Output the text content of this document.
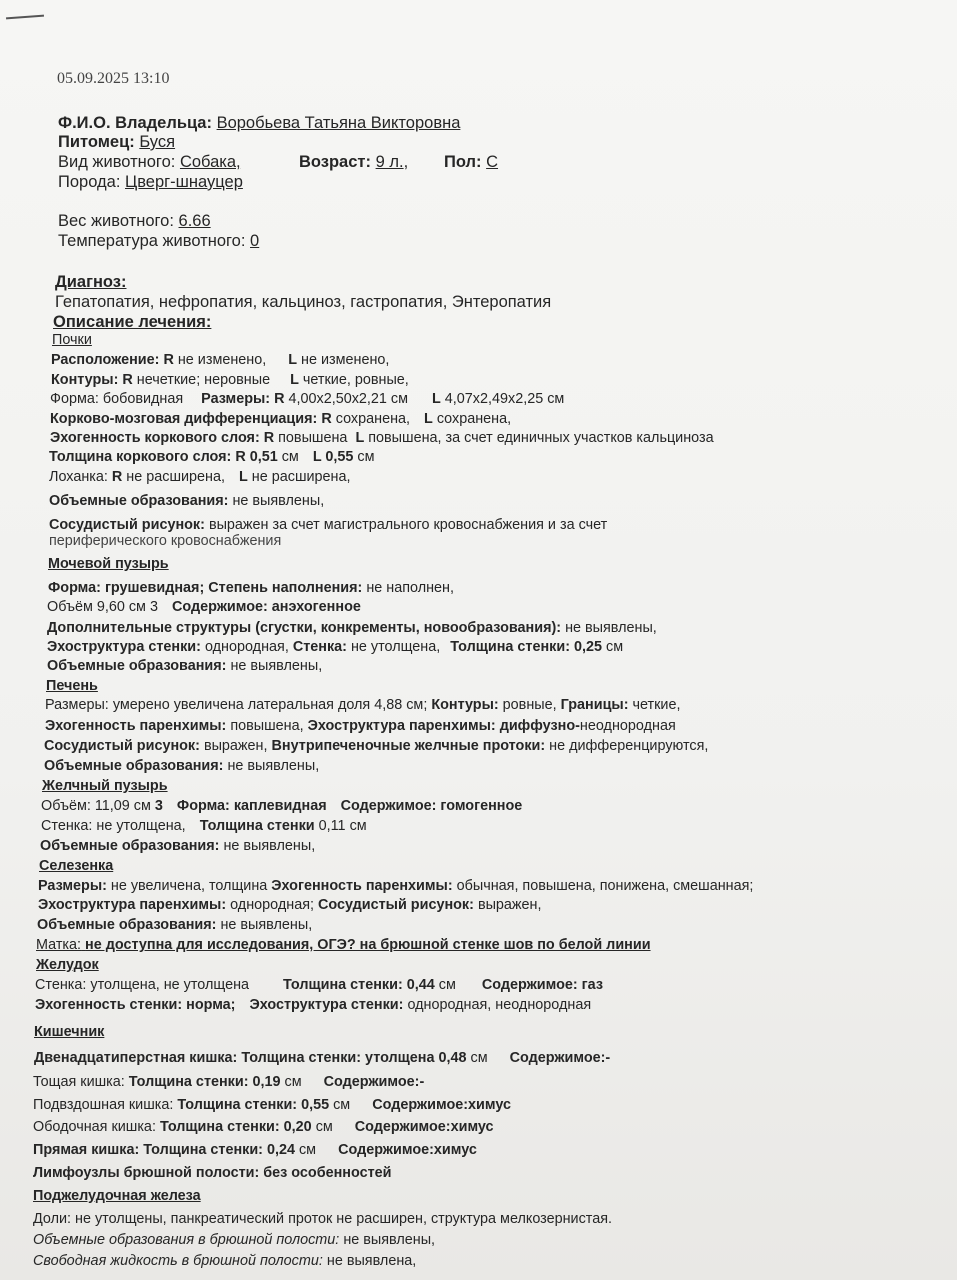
05.09.2025 13:10
Ф.И.О. Владельца: Воробьева Татьяна Викторовна
Питомец: Буся
Вид животного: Собака,	Возраст: 9 л., Пол: С
Порода: Цверг-шнауцер
Вес животного: 6.66
Температура животного: 0
Диагноз:
Гепатопатия, нефропатия, кальциноз, гастропатия, Энтеропатия
Описание лечения:
Почки
Расположение: R не изменено, L не изменено,
Контуры: R нечеткие; неровные L четкие, ровные,
Форма: бобовидная Размеры: R 4,00х2,50х2,21 см L 4,07х2,49х2,25 см
Корково-мозговая дифференциация: R сохранена, L сохранена,
Эхогенность коркового слоя: R повышена L повышена, за счет единичных участков кальциноза
Толщина коркового слоя: R 0,51 см L 0,55 см
Лоханка: R не расширена, L не расширена,
Объемные образования: не выявлены,
Сосудистый рисунок: выражен за счет магистрального кровоснабжения и за счет
периферического кровоснабжения
Мочевой пузырь
Форма: грушевидная; Степень наполнения: не наполнен,
Объём 9,60 см 3 Содержимое: анэхогенное
Дополнительные структуры (сгустки, конкременты, новообразования): не выявлены,
Эхоструктура стенки: однородная, Стенка: не утолщена, Толщина стенки: 0,25 см
Объемные образования: не выявлены,
Печень
Размеры: умерено увеличена латеральная доля 4,88 см; Контуры: ровные, Границы: четкие,
Эхогенность паренхимы: повышена, Эхоструктура паренхимы: диффузно-неоднородная
Сосудистый рисунок: выражен, Внутрипеченочные желчные протоки: не дифференцируются,
Объемные образования: не выявлены,
Желчный пузырь
Объём: 11,09 см 3 Форма: каплевидная Содержимое: гомогенное
Стенка: не утолщена, Толщина стенки 0,11 см
Объемные образования: не выявлены,
Селезенка
Размеры: не увеличена, толщина Эхогенность паренхимы: обычная, повышена, понижена, смешанная;
Эхоструктура паренхимы: однородная; Сосудистый рисунок: выражен,
Объемные образования: не выявлены,
Матка: не доступна для исследования, ОГЭ? на брюшной стенке шов по белой линии
Желудок
Стенка: утолщена, не утолщена Толщина стенки: 0,44 см Содержимое: газ
Эхогенность стенки: норма; Эхоструктура стенки: однородная, неоднородная
Кишечник
Двенадцатиперстная кишка: Толщина стенки: утолщена 0,48 см Содержимое:-
Тощая кишка: Толщина стенки: 0,19 см Содержимое:-
Подвздошная кишка: Толщина стенки: 0,55 см Содержимое:химус
Ободочная кишка: Толщина стенки: 0,20 см Содержимое:химус
Прямая кишка: Толщина стенки: 0,24 см Содержимое:химус
Лимфоузлы брюшной полости: без особенностей
Поджелудочная железа
Доли: не утолщены, панкреатический проток не расширен, структура мелкозернистая.
Объемные образования в брюшной полости: не выявлены,
Свободная жидкость в брюшной полости: не выявлена,
